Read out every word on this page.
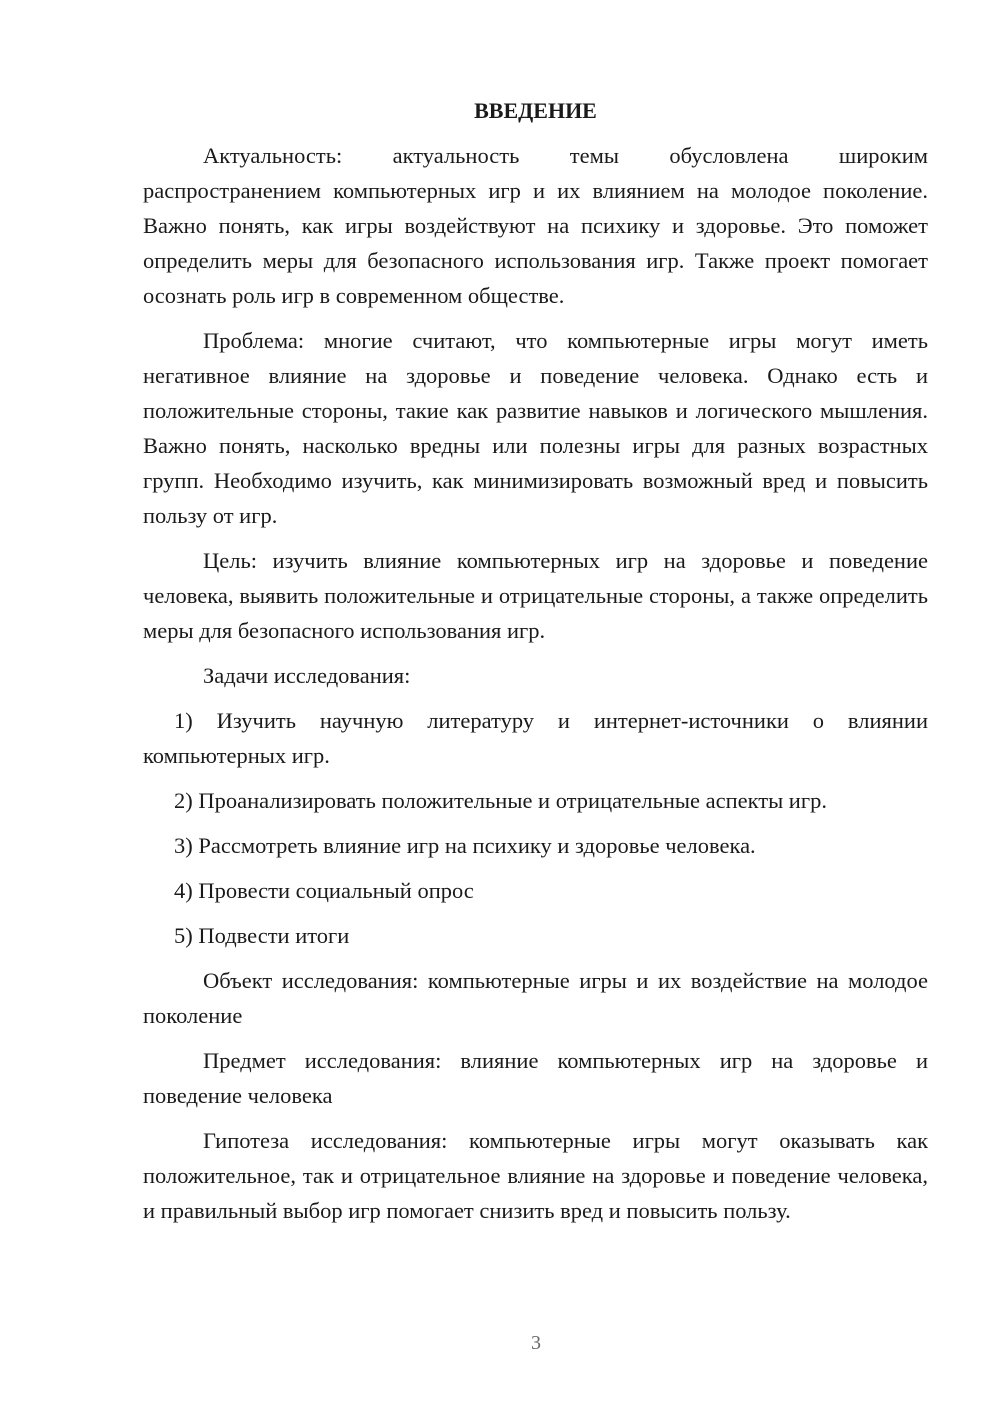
ВВЕДЕНИЕ

Актуальность: актуальность темы обусловлена широким распространением компьютерных игр и их влиянием на молодое поколение. Важно понять, как игры воздействуют на психику и здоровье. Это поможет определить меры для безопасного использования игр. Также проект помогает осознать роль игр в современном обществе.

Проблема: многие считают, что компьютерные игры могут иметь негативное влияние на здоровье и поведение человека. Однако есть и положительные стороны, такие как развитие навыков и логического мышления. Важно понять, насколько вредны или полезны игры для разных возрастных групп. Необходимо изучить, как минимизировать возможный вред и повысить пользу от игр.

Цель: изучить влияние компьютерных игр на здоровье и поведение человека, выявить положительные и отрицательные стороны, а также определить меры для безопасного использования игр.

Задачи исследования:

1) Изучить научную литературу и интернет-источники о влиянии компьютерных игр.

2) Проанализировать положительные и отрицательные аспекты игр.

3) Рассмотреть влияние игр на психику и здоровье человека.

4) Провести социальный опрос

5) Подвести итоги

Объект исследования: компьютерные игры и их воздействие на молодое поколение

Предмет исследования: влияние компьютерных игр на здоровье и поведение человека

Гипотеза исследования: компьютерные игры могут оказывать как положительное, так и отрицательное влияние на здоровье и поведение человека, и правильный выбор игр помогает снизить вред и повысить пользу.

3
